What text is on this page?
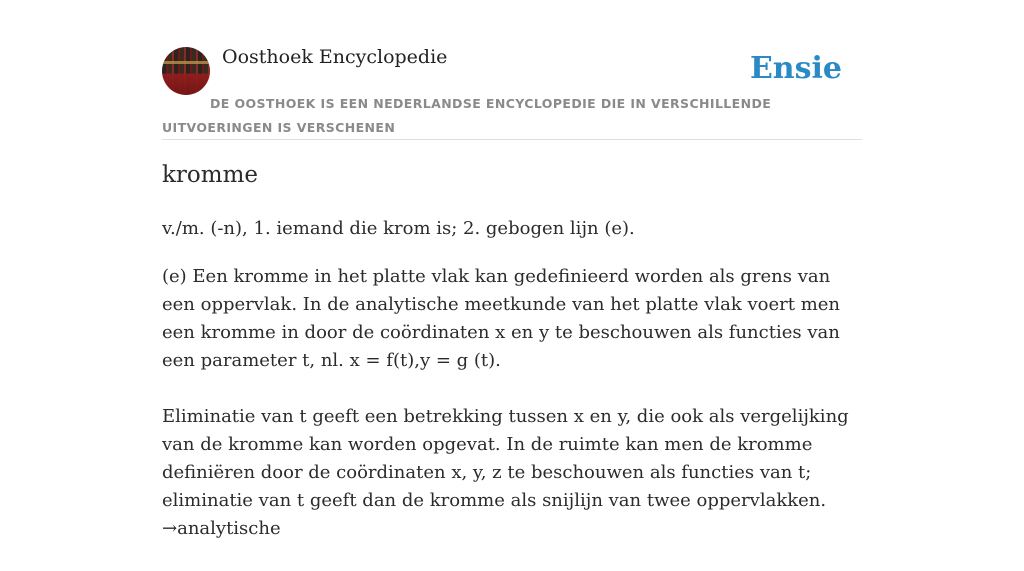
Oosthoek Encyclopedie	Ensie
DE OOSTHOEK IS EEN NEDERLANDSE ENCYCLOPEDIE DIE IN VERSCHILLENDE UITVOERINGEN IS VERSCHENEN
kromme
v./m. (-n), 1. iemand die krom is; 2. gebogen lijn (e).

(e) Een kromme in het platte vlak kan gedefinieerd worden als grens van een oppervlak. In de analytische meetkunde van het platte vlak voert men een kromme in door de coördinaten x en y te beschouwen als functies van een parameter t, nl. x = f(t),y = g (t).

Eliminatie van t geeft een betrekking tussen x en y, die ook als vergelijking van de kromme kan worden opgevat. In de ruimte kan men de kromme definiëren door de coördinaten x, y, z te beschouwen als functies van t; eliminatie van t geeft dan de kromme als snijlijn van twee oppervlakken. →analytische
